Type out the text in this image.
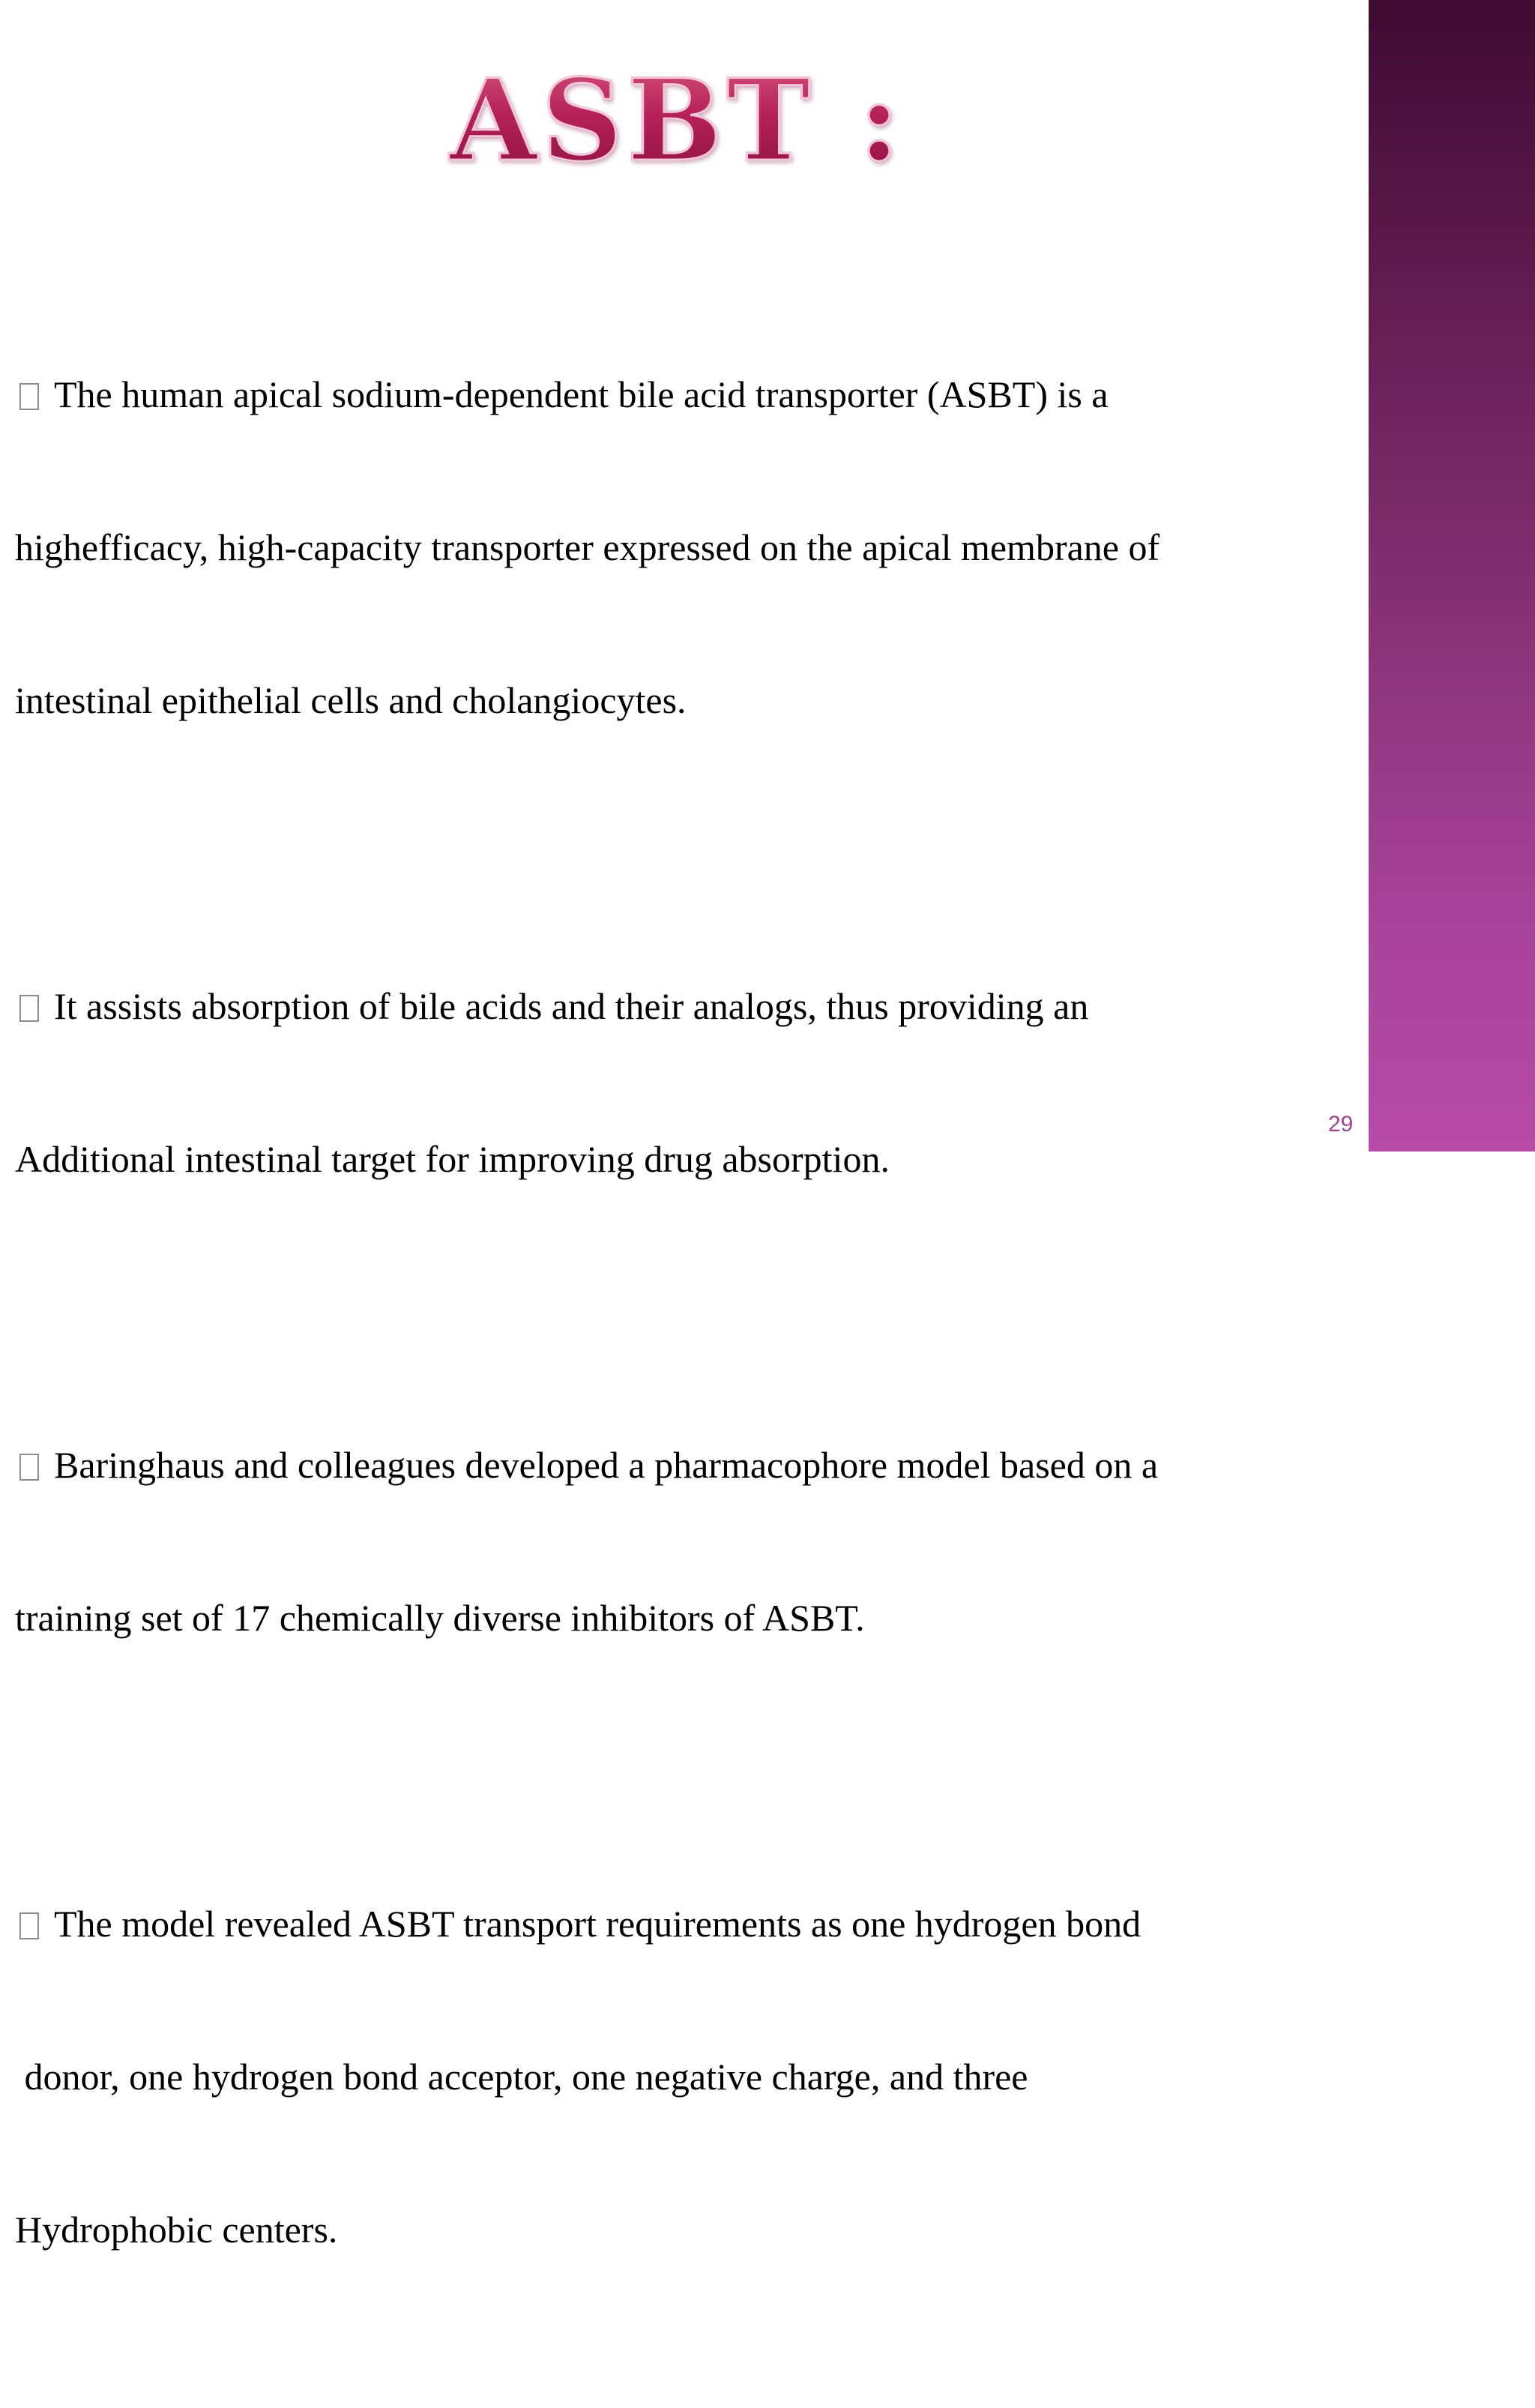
ASBT :

The human apical sodium-dependent bile acid transporter (ASBT) is a

highefficacy, high-capacity transporter expressed on the apical membrane of

intestinal epithelial cells and cholangiocytes.

It assists absorption of bile acids and their analogs, thus providing an

Additional intestinal target for improving drug absorption.

Baringhaus and colleagues developed a pharmacophore model based on a

training set of 17 chemically diverse inhibitors of ASBT.

The model revealed ASBT transport requirements as one hydrogen bond

donor, one hydrogen bond acceptor, one negative charge, and three

Hydrophobic centers.

29
